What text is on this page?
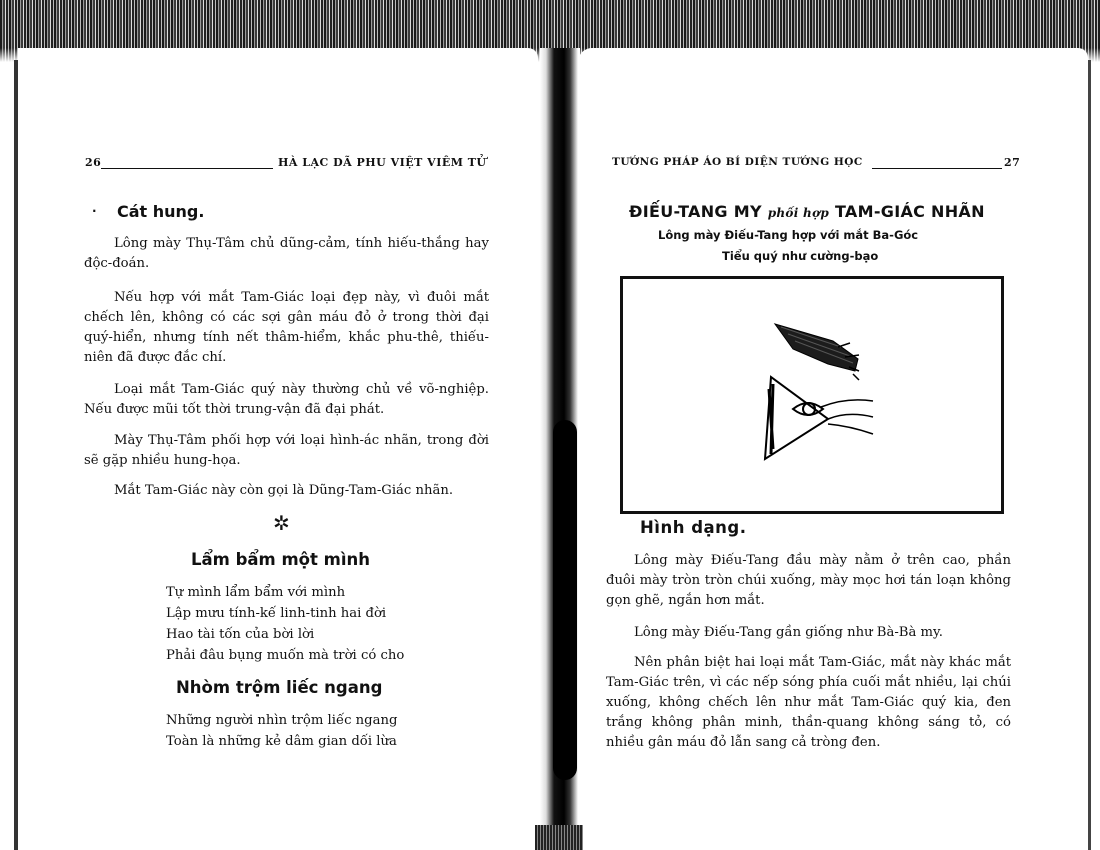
26	HÀ LẠC DÃ PHU VIỆT VIÊM TỬ
· Cát hung.
Lông mày Thụ-Tâm chủ dũng-cảm, tính hiếu-thắng hay độc-đoán.
Nếu hợp với mắt Tam-Giác loại đẹp này, vì đuôi mắt chếch lên, không có các sợi gân máu đỏ ở trong thời đại quý-hiển, nhưng tính nết thâm-hiểm, khắc phu-thê, thiếu-niên đã được đắc chí.
Loại mắt Tam-Giác quý này thường chủ về võ-nghiệp. Nếu được mũi tốt thời trung-vận đã đại phát.
Mày Thụ-Tâm phối hợp với loại hình-ác nhãn, trong đời sẽ gặp nhiều hung-họa.
Mắt Tam-Giác này còn gọi là Dũng-Tam-Giác nhãn.
✲
Lẩm bẩm một mình
Tự mình lẩm bẩm với mình
Lập mưu tính-kế linh-tinh hai đời
Hao tài tốn của bời lời
Phải đâu bụng muốn mà trời có cho
Nhòm trộm liếc ngang
Những người nhìn trộm liếc ngang
Toàn là những kẻ dâm gian dối lừa
TƯỚNG PHÁP ÁO BÍ DIỆN TƯỚNG HỌC	27
ĐIẾU-TANG MY phối hợp TAM-GIÁC NHÃN
Lông mày Điếu-Tang hợp với mắt Ba-Góc
Tiểu quý như cường-bạo
Hình dạng.
Lông mày Điếu-Tang đầu mày nằm ở trên cao, phần đuôi mày tròn tròn chúi xuống, mày mọc hơi tán loạn không gọn ghẽ, ngắn hơn mắt.
Lông mày Điếu-Tang gần giống như Bà-Bà my.
Nên phân biệt hai loại mắt Tam-Giác, mắt này khác mắt Tam-Giác trên, vì các nếp sóng phía cuối mắt nhiều, lại chúi xuống, không chếch lên như mắt Tam-Giác quý kia, đen trắng không phân minh, thần-quang không sáng tỏ, có nhiều gân máu đỏ lẫn sang cả tròng đen.
